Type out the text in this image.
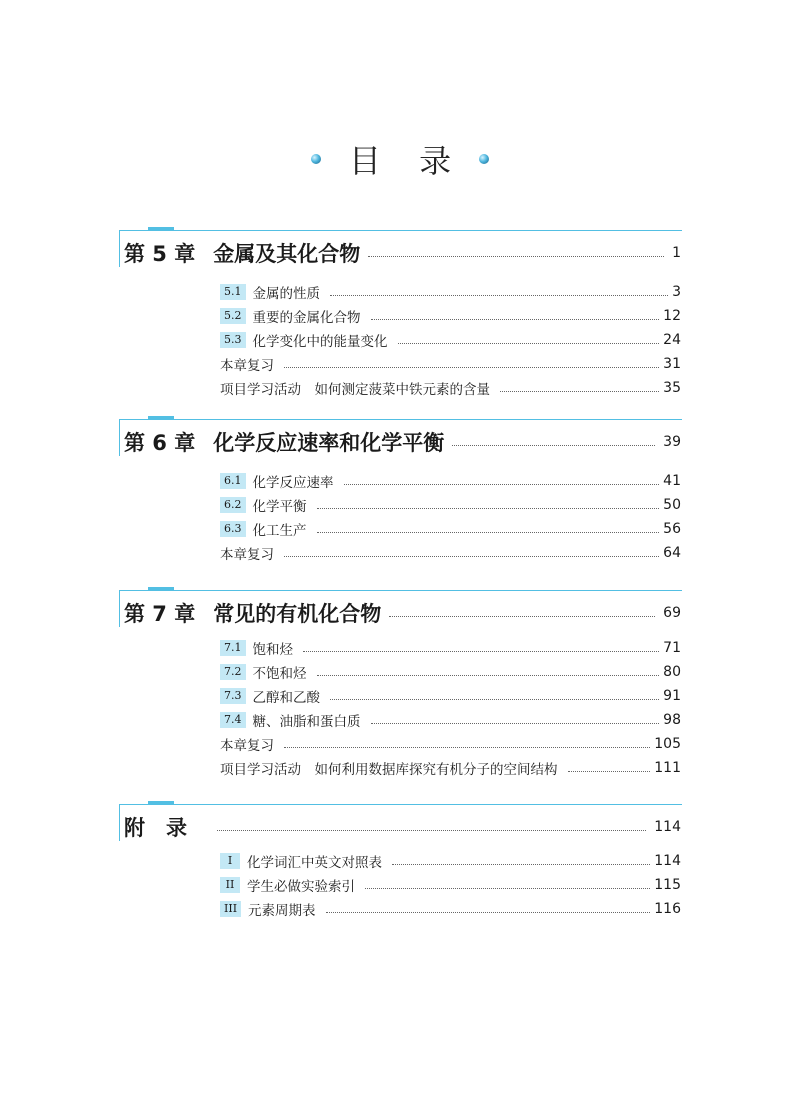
目 录
第 5 章 金属及其化合物	1
5.1 金属的性质	3
5.2 重要的金属化合物	12
5.3 化学变化中的能量变化	24
本章复习	31
项目学习活动　如何测定菠菜中铁元素的含量	35
第 6 章 化学反应速率和化学平衡	39
6.1 化学反应速率	41
6.2 化学平衡	50
6.3 化工生产	56
本章复习	64
第 7 章 常见的有机化合物	69
7.1 饱和烃	71
7.2 不饱和烃	80
7.3 乙醇和乙酸	91
7.4 糖、油脂和蛋白质	98
本章复习	105
项目学习活动　如何利用数据库探究有机分子的空间结构	111
附　录	114
I	化学词汇中英文对照表	114
II 学生必做实验索引	115
III 元素周期表	116
